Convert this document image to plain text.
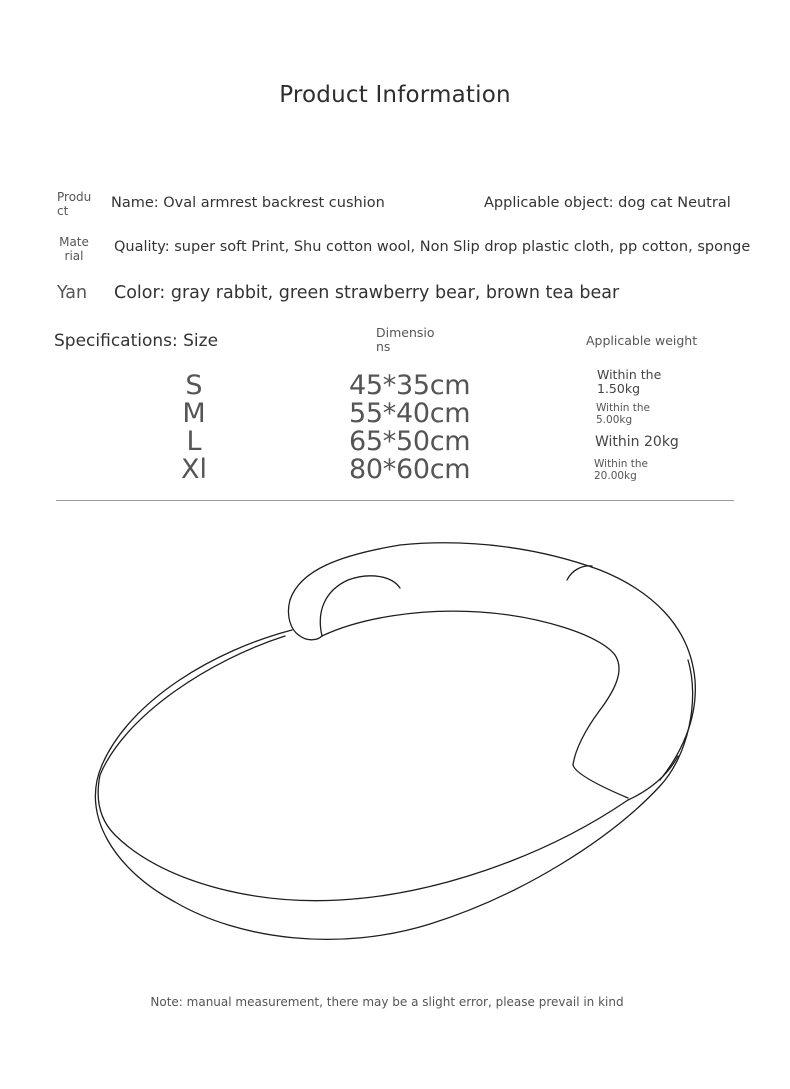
Product Information
Product	Name: Oval armrest backrest cushion	Applicable object: dog cat Neutral
Material
Quality: super soft Print, Shu cotton wool, Non Slip drop plastic cloth, pp cotton, sponge
Yan Color: gray rabbit, green strawberry bear, brown tea bear
Specifications: Size	Dimensions	Applicable weight
S	45*35cm	Within the 1.50kg
M	55*40cm	Within the 5.00kg
L	65*50cm	Within 20kg
Xl	80*60cm	Within the 20.00kg
Note: manual measurement, there may be a slight error, please prevail in kind
